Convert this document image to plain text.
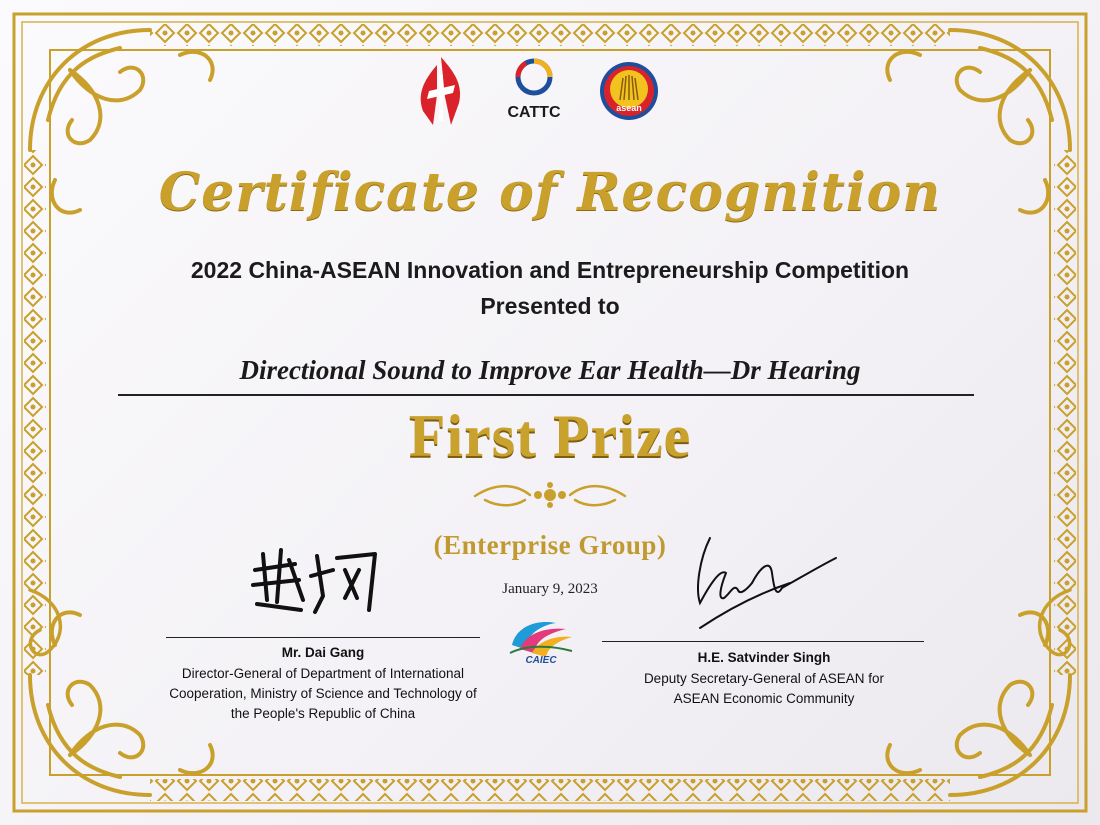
CATTC	asean
Certificate of Recognition

2022 China-ASEAN Innovation and Entrepreneurship Competition

Presented to

Directional Sound to Improve Ear Health—Dr Hearing

First Prize

(Enterprise Group)

January 9, 2023

Mr. Dai Gang
Director-General of Department of International
Cooperation, Ministry of Science and Technology of
the People's Republic of China
H.E. Satvinder Singh
Deputy Secretary-General of ASEAN for
ASEAN Economic Community
CAIEC
